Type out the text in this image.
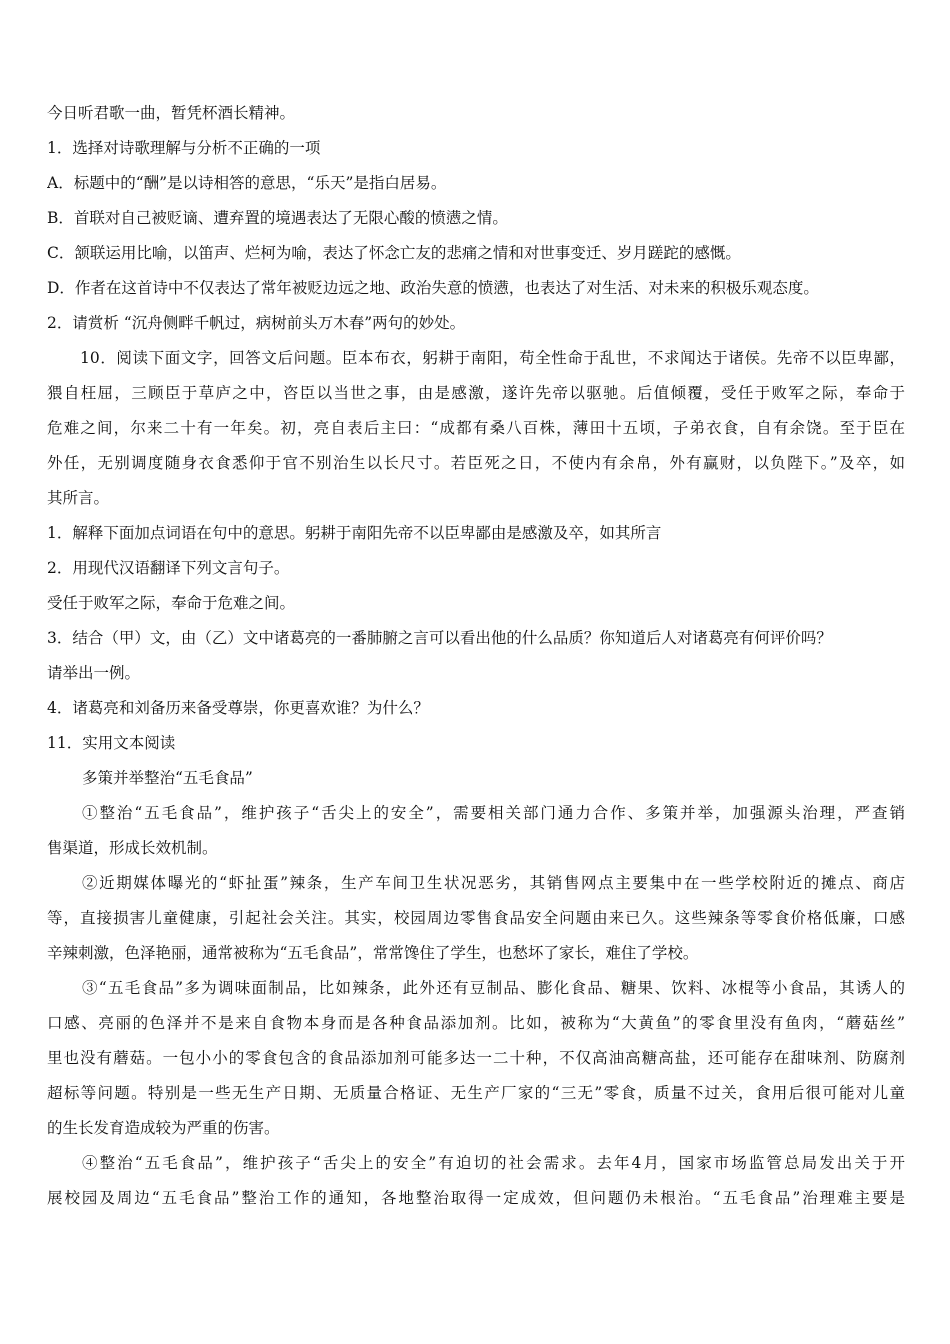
今日听君歌一曲，暂凭杯酒长精神。
1．选择对诗歌理解与分析不正确的一项
A．标题中的“酬”是以诗相答的意思，“乐天”是指白居易。
B．首联对自己被贬谪、遭弃置的境遇表达了无限心酸的愤懑之情。
C．颔联运用比喻，以笛声、烂柯为喻，表达了怀念亡友的悲痛之情和对世事变迁、岁月蹉跎的感慨。
D．作者在这首诗中不仅表达了常年被贬边远之地、政治失意的愤懑，也表达了对生活、对未来的积极乐观态度。
2．请赏析 “沉舟侧畔千帆过，病树前头万木春”两句的妙处。
10．阅读下面文字，回答文后问题。臣本布衣，躬耕于南阳，苟全性命于乱世，不求闻达于诸侯。先帝不以臣卑鄙，
猥自枉屈，三顾臣于草庐之中，咨臣以当世之事，由是感激，遂许先帝以驱驰。后值倾覆，受任于败军之际，奉命于
危难之间，尔来二十有一年矣。初，亮自表后主曰：“成都有桑八百株，薄田十五顷，子弟衣食，自有余饶。至于臣在
外任，无别调度随身衣食悉仰于官不别治生以长尺寸。若臣死之日，不使内有余帛，外有赢财，以负陛下。”及卒，如
其所言。
1．解释下面加点词语在句中的意思。躬耕于南阳先帝不以臣卑鄙由是感激及卒，如其所言
2．用现代汉语翻译下列文言句子。
受任于败军之际，奉命于危难之间。
3．结合（甲）文，由（乙）文中诸葛亮的一番肺腑之言可以看出他的什么品质？你知道后人对诸葛亮有何评价吗？
请举出一例。
4．诸葛亮和刘备历来备受尊崇，你更喜欢谁？为什么？
11．实用文本阅读
多策并举整治“五毛食品”
①整治“五毛食品”，维护孩子“舌尖上的安全”，需要相关部门通力合作、多策并举，加强源头治理，严查销
售渠道，形成长效机制。
②近期媒体曝光的“虾扯蛋”辣条，生产车间卫生状况恶劣，其销售网点主要集中在一些学校附近的摊点、商店
等，直接损害儿童健康，引起社会关注。其实，校园周边零售食品安全问题由来已久。这些辣条等零食价格低廉，口感
辛辣刺激，色泽艳丽，通常被称为“五毛食品”，常常馋住了学生，也愁坏了家长，难住了学校。
③“五毛食品”多为调味面制品，比如辣条，此外还有豆制品、膨化食品、糖果、饮料、冰棍等小食品，其诱人的
口感、亮丽的色泽并不是来自食物本身而是各种食品添加剂。比如，被称为“大黄鱼”的零食里没有鱼肉，“蘑菇丝”
里也没有蘑菇。一包小小的零食包含的食品添加剂可能多达一二十种，不仅高油高糖高盐，还可能存在甜味剂、防腐剂
超标等问题。特别是一些无生产日期、无质量合格证、无生产厂家的“三无”零食，质量不过关，食用后很可能对儿童
的生长发育造成较为严重的伤害。
④整治“五毛食品”，维护孩子“舌尖上的安全”有迫切的社会需求。去年4月，国家市场监管总局发出关于开
展校园及周边“五毛食品”整治工作的通知，各地整治取得一定成效，但问题仍未根治。“五毛食品”治理难主要是
